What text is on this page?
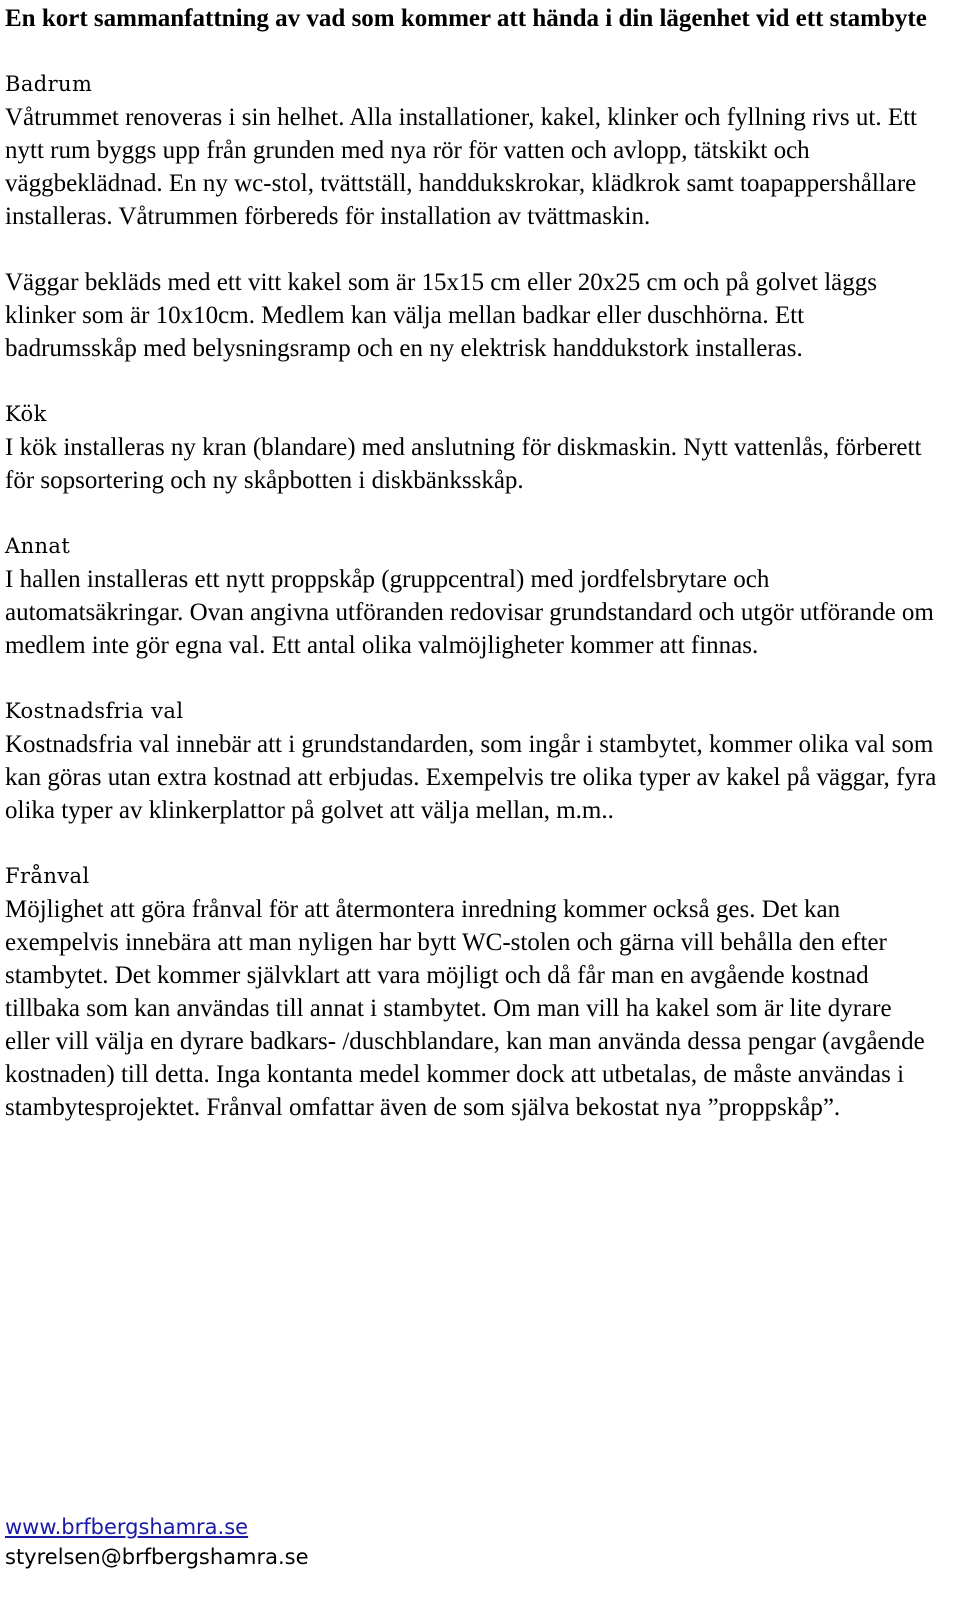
En kort sammanfattning av vad som kommer att hända i din lägenhet vid ett stambyte
Badrum

Våtrummet renoveras i sin helhet. Alla installationer, kakel, klinker och fyllning rivs ut. Ett nytt rum byggs upp från grunden med nya rör för vatten och avlopp, tätskikt och väggbeklädnad. En ny wc-stol, tvättställ, handdukskrokar, klädkrok samt toapappershållare installeras. Våtrummen förbereds för installation av tvättmaskin.

Väggar bekläds med ett vitt kakel som är 15x15 cm eller 20x25 cm och på golvet läggs klinker som är 10x10cm. Medlem kan välja mellan badkar eller duschhörna. Ett badrumsskåp med belysningsramp och en ny elektrisk handdukstork installeras.

Kök

I kök installeras ny kran (blandare) med anslutning för diskmaskin. Nytt vattenlås, förberett för sopsortering och ny skåpbotten i diskbänksskåp.

Annat

I hallen installeras ett nytt proppskåp (gruppcentral) med jordfelsbrytare och automatsäkringar. Ovan angivna utföranden redovisar grundstandard och utgör utförande om medlem inte gör egna val. Ett antal olika valmöjligheter kommer att finnas.

Kostnadsfria val

Kostnadsfria val innebär att i grundstandarden, som ingår i stambytet, kommer olika val som kan göras utan extra kostnad att erbjudas. Exempelvis tre olika typer av kakel på väggar, fyra olika typer av klinkerplattor på golvet att välja mellan, m.m..

Frånval

Möjlighet att göra frånval för att återmontera inredning kommer också ges. Det kan exempelvis innebära att man nyligen har bytt WC-stolen och gärna vill behålla den efter stambytet. Det kommer självklart att vara möjligt och då får man en avgående kostnad tillbaka som kan användas till annat i stambytet. Om man vill ha kakel som är lite dyrare eller vill välja en dyrare badkars- /duschblandare, kan man använda dessa pengar (avgående kostnaden) till detta. Inga kontanta medel kommer dock att utbetalas, de måste användas i stambytesprojektet. Frånval omfattar även de som själva bekostat nya ”proppskåp”.

www.brfbergshamra.se
styrelsen@brfbergshamra.se
